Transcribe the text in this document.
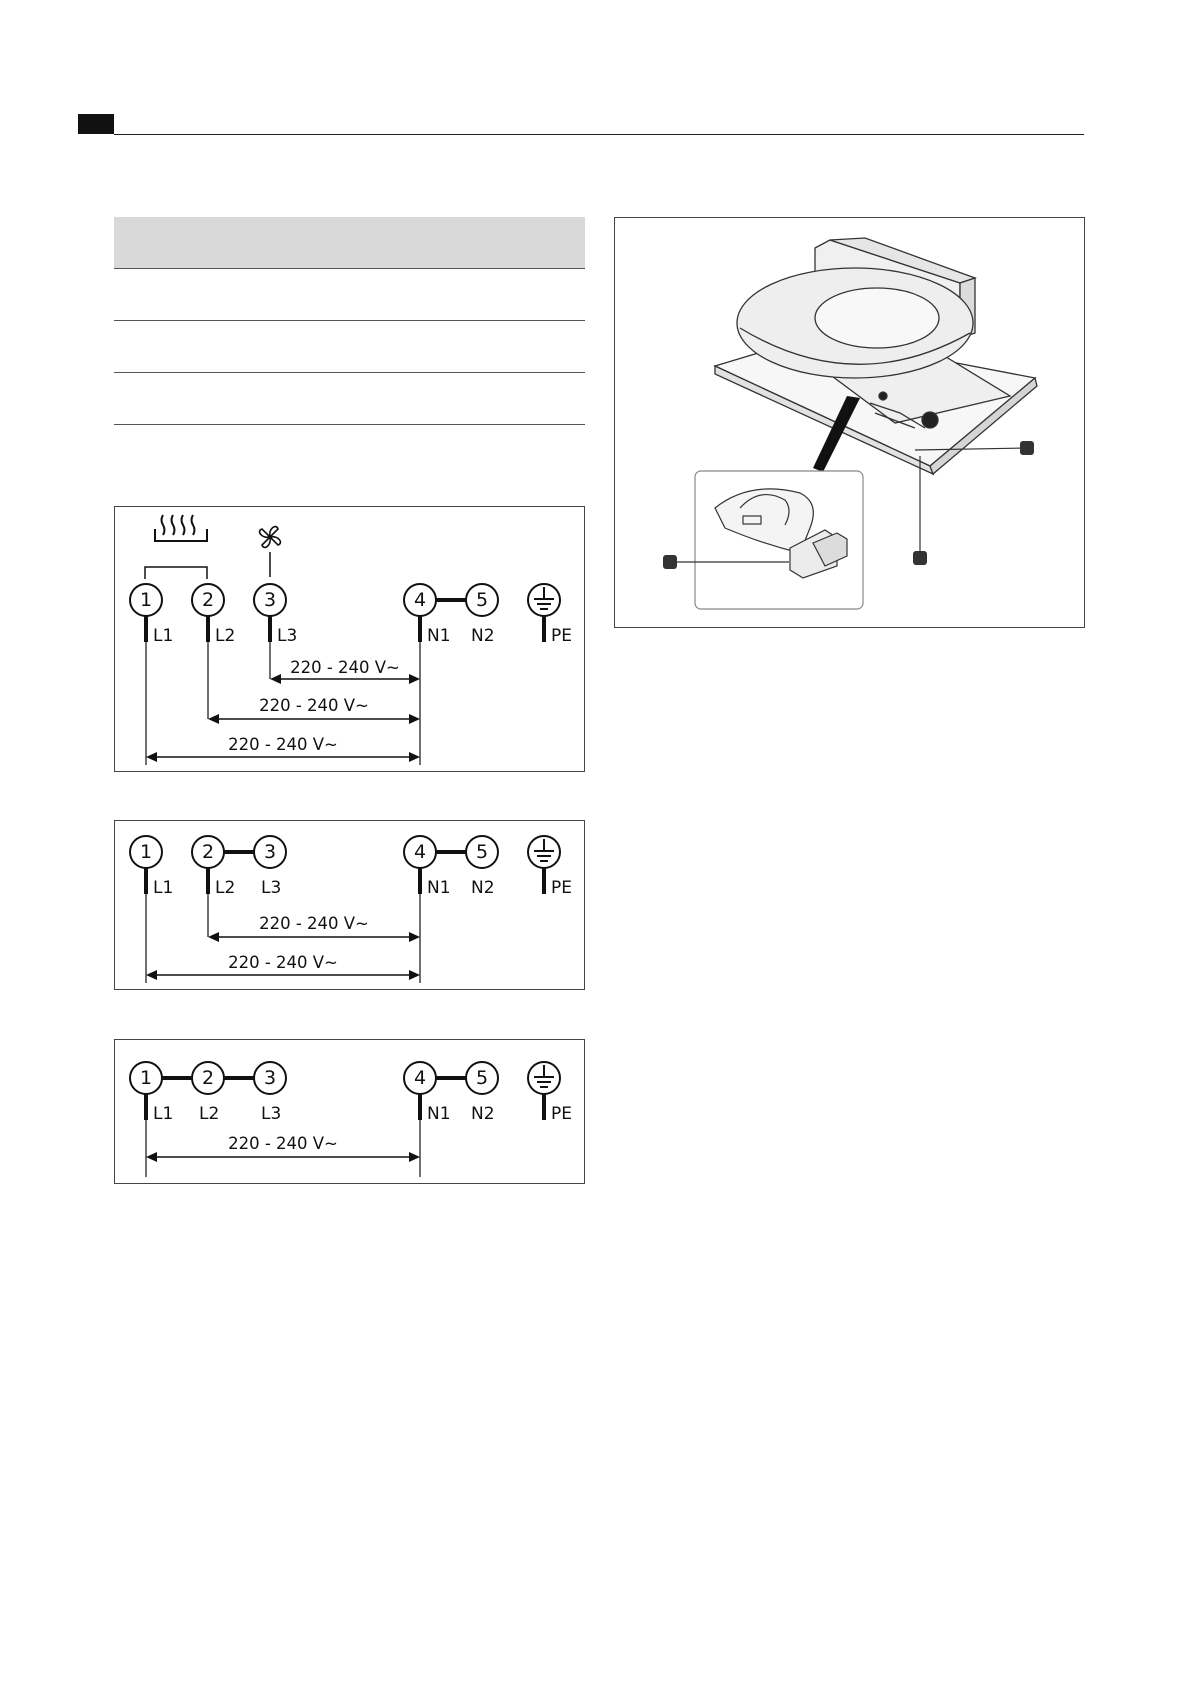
1	2	3	4	5
L1 L2 L3	N1 N2	PE
220 - 240 V~
220 - 240 V~
220 - 240 V~
1	2	3	4	5
L1 L2 L3	N1 N2	PE
220 - 240 V~
220 - 240 V~
1	2	3	4	5
L1 L2 L3	N1 N2	PE
220 - 240 V~
